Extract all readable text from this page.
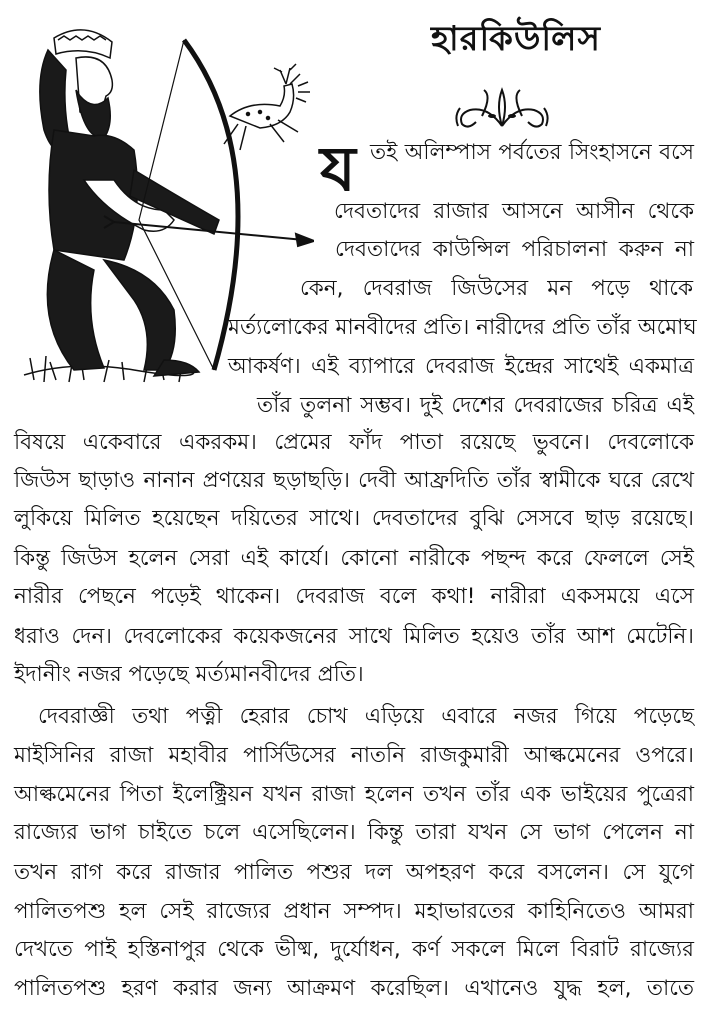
হারকিউলিস
য তই অলিম্পাস পর্বতের সিংহাসনে বসে
দেবতাদের রাজার আসনে আসীন থেকে
দেবতাদের কাউন্সিল পরিচালনা করুন না
কেন, দেবরাজ জিউসের মন পড়ে থাকে
মর্ত্যলোকের মানবীদের প্রতি। নারীদের প্রতি তাঁর অমোঘ
আকর্ষণ। এই ব্যাপারে দেবরাজ ইন্দ্রের সাথেই একমাত্র
তাঁর তুলনা সম্ভব। দুই দেশের দেবরাজের চরিত্র এই
বিষয়ে একেবারে একরকম। প্রেমের ফাঁদ পাতা রয়েছে ভুবনে। দেবলোকে
জিউস ছাড়াও নানান প্রণয়ের ছড়াছড়ি। দেবী আফ্রদিতি তাঁর স্বামীকে ঘরে রেখে
লুকিয়ে মিলিত হয়েছেন দয়িতের সাথে। দেবতাদের বুঝি সেসবে ছাড় রয়েছে।
কিন্তু জিউস হলেন সেরা এই কার্যে। কোনো নারীকে পছন্দ করে ফেললে সেই
নারীর পেছনে পড়েই থাকেন। দেবরাজ বলে কথা! নারীরা একসময়ে এসে
ধরাও দেন। দেবলোকের কয়েকজনের সাথে মিলিত হয়েও তাঁর আশ মেটেনি।
ইদানীং নজর পড়েছে মর্ত্যমানবীদের প্রতি।
দেবরাজ্ঞী তথা পত্নী হেরার চোখ এড়িয়ে এবারে নজর গিয়ে পড়েছে
মাইসিনির রাজা মহাবীর পার্সিউসের নাতনি রাজকুমারী আল্কমেনের ওপরে।
আল্কমেনের পিতা ইলেক্ট্রিয়ন যখন রাজা হলেন তখন তাঁর এক ভাইয়ের পুত্রেরা
রাজ্যের ভাগ চাইতে চলে এসেছিলেন। কিন্তু তারা যখন সে ভাগ পেলেন না
তখন রাগ করে রাজার পালিত পশুর দল অপহরণ করে বসলেন। সে যুগে
পালিতপশু হল সেই রাজ্যের প্রধান সম্পদ। মহাভারতের কাহিনিতেও আমরা
দেখতে পাই হস্তিনাপুর থেকে ভীষ্ম, দুর্যোধন, কর্ণ সকলে মিলে বিরাট রাজ্যের
পালিতপশু হরণ করার জন্য আক্রমণ করেছিল। এখানেও যুদ্ধ হল, তাতে
